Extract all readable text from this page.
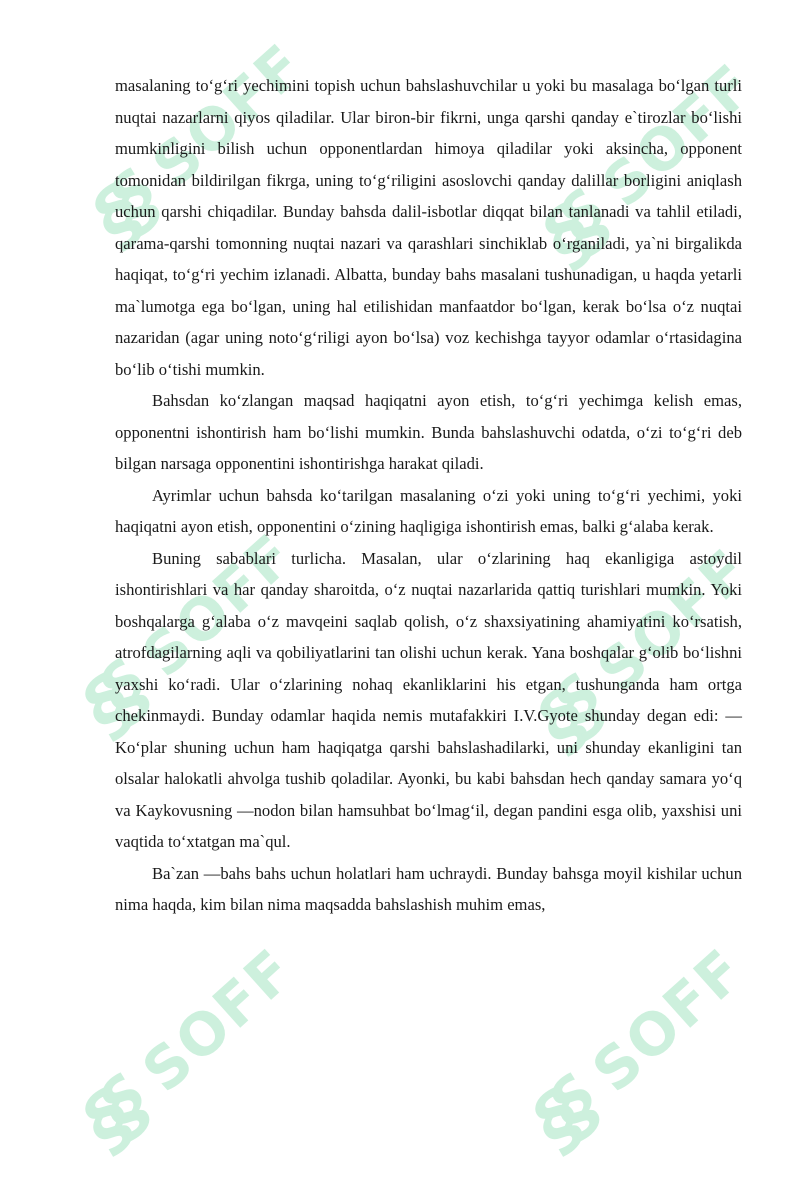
§§
SOFF
§§
SOFF
§§
SOFF
§§
SOFF
§§
SOFF
§§
SOFF

masalaning to‘g‘ri yechimini topish uchun bahslashuvchilar u yoki bu masalaga bo‘lgan turli nuqtai nazarlarni qiyos qiladilar. Ular biron-bir fikrni, unga qarshi qanday e`tirozlar bo‘lishi mumkinligini bilish uchun opponentlardan himoya qiladilar yoki aksincha, opponent tomonidan bildirilgan fikrga, uning to‘g‘riligini asoslovchi qanday dalillar borligini aniqlash uchun qarshi chiqadilar. Bunday bahsda dalil-isbotlar diqqat bilan tanlanadi va tahlil etiladi, qarama-qarshi tomonning nuqtai nazari va qarashlari sinchiklab o‘rganiladi, ya`ni birgalikda haqiqat, to‘g‘ri yechim izlanadi. Albatta, bunday bahs masalani tushunadigan, u haqda yetarli ma`lumotga ega bo‘lgan, uning hal etilishidan manfaatdor bo‘lgan, kerak bo‘lsa o‘z nuqtai nazaridan (agar uning noto‘g‘riligi ayon bo‘lsa) voz kechishga tayyor odamlar o‘rtasidagina bo‘lib o‘tishi mumkin.

Bahsdan ko‘zlangan maqsad haqiqatni ayon etish, to‘g‘ri yechimga kelish emas, opponentni ishontirish ham bo‘lishi mumkin. Bunda bahslashuvchi odatda, o‘zi to‘g‘ri deb bilgan narsaga opponentini ishontirishga harakat qiladi.

Ayrimlar uchun bahsda ko‘tarilgan masalaning o‘zi yoki uning to‘g‘ri yechimi, yoki haqiqatni ayon etish, opponentini o‘zining haqligiga ishontirish emas, balki g‘alaba kerak.

Buning sabablari turlicha. Masalan, ular o‘zlarining haq ekanligiga astoydil ishontirishlari va har qanday sharoitda, o‘z nuqtai nazarlarida qattiq turishlari mumkin. Yoki boshqalarga g‘alaba o‘z mavqeini saqlab qolish, o‘z shaxsiyatining ahamiyatini ko‘rsatish, atrofdagilarning aqli va qobiliyatlarini tan olishi uchun kerak. Yana boshqalar g‘olib bo‘lishni yaxshi ko‘radi. Ular o‘zlarining nohaq ekanliklarini his etgan, tushunganda ham ortga chekinmaydi. Bunday odamlar haqida nemis mutafakkiri I.V.Gyote shunday degan edi: —Ko‘plar shuning uchun ham haqiqatga qarshi bahslashadilarki, uni shunday ekanligini tan olsalar halokatli ahvolga tushib qoladilar. Ayonki, bu kabi bahsdan hech qanday samara yo‘q va Kaykovusning —nodon bilan hamsuhbat bo‘lmag‘il, degan pandini esga olib, yaxshisi uni vaqtida to‘xtatgan ma`qul.

Ba`zan —bahs bahs uchun holatlari ham uchraydi. Bunday bahsga moyil kishilar uchun nima haqda, kim bilan nima maqsadda bahslashish muhim emas,
